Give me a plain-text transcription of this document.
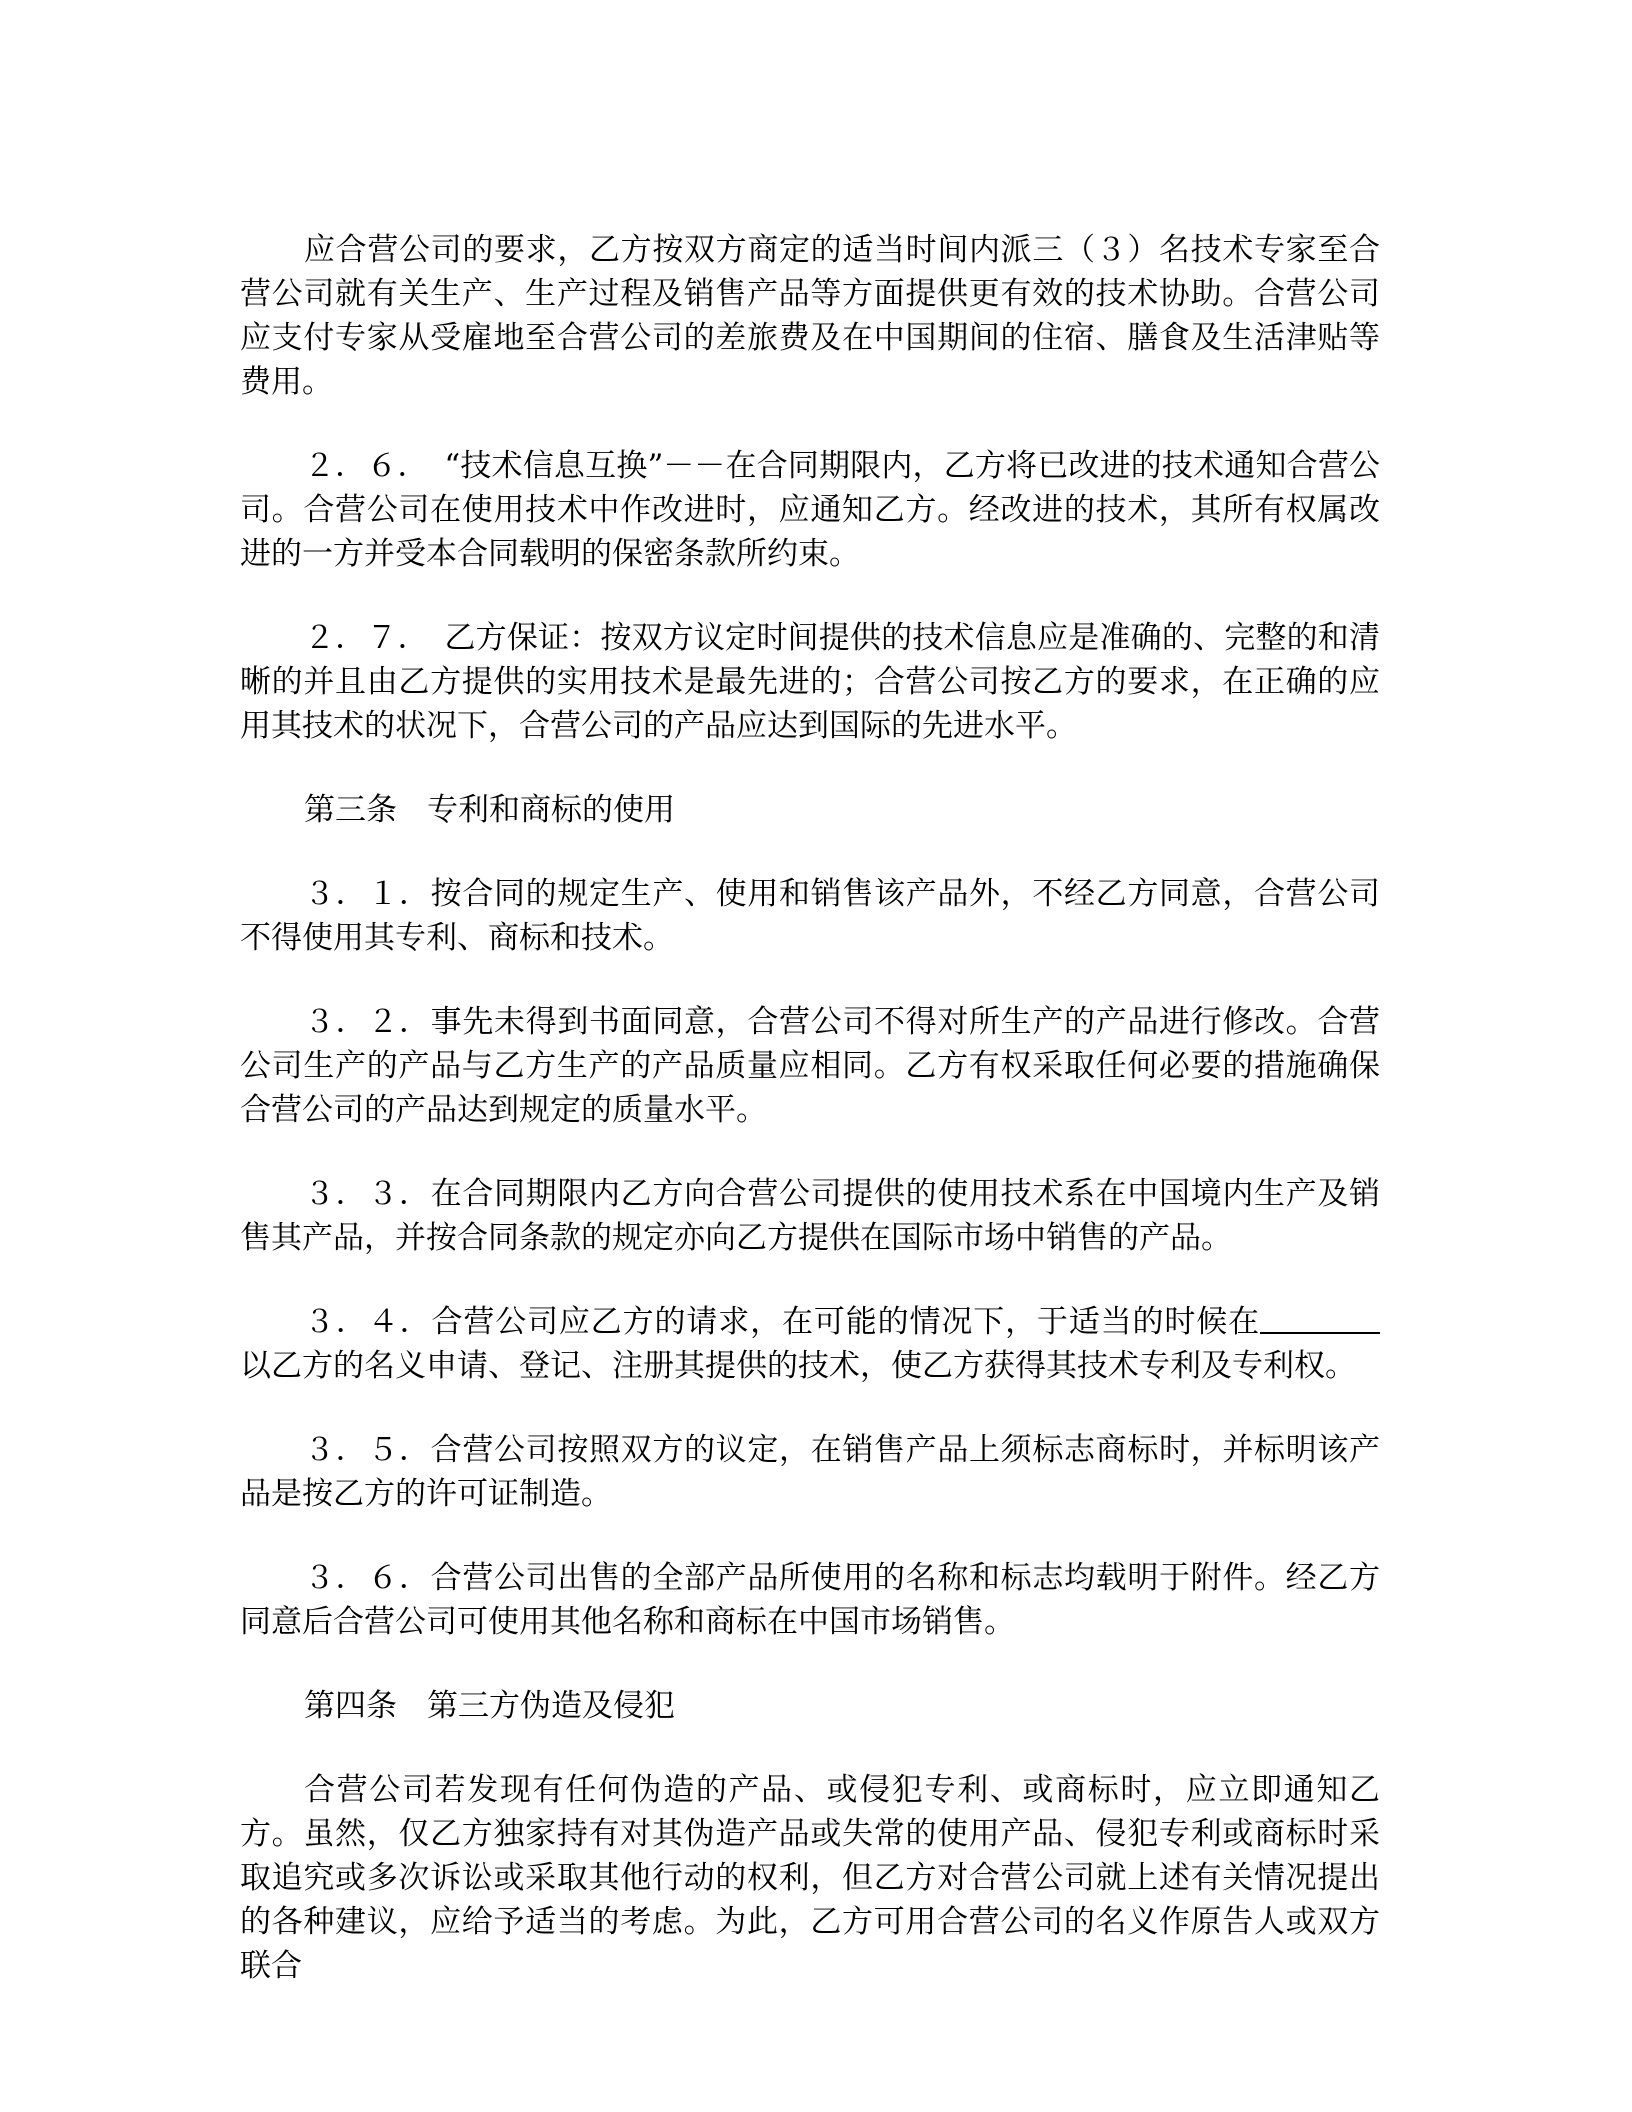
应合营公司的要求，乙方按双方商定的适当时间内派三（３）名技术专家至合营公司就有关生产、生产过程及销售产品等方面提供更有效的技术协助。合营公司应支付专家从受雇地至合营公司的差旅费及在中国期间的住宿、膳食及生活津贴等费用。

２．６．　“技术信息互换”－－在合同期限内，乙方将已改进的技术通知合营公司。合营公司在使用技术中作改进时，应通知乙方。经改进的技术，其所有权属改进的一方并受本合同载明的保密条款所约束。

２．７．　乙方保证：按双方议定时间提供的技术信息应是准确的、完整的和清晰的并且由乙方提供的实用技术是最先进的；合营公司按乙方的要求，在正确的应用其技术的状况下，合营公司的产品应达到国际的先进水平。

第三条 专利和商标的使用

３．１．按合同的规定生产、使用和销售该产品外，不经乙方同意，合营公司不得使用其专利、商标和技术。

３．２．事先未得到书面同意，合营公司不得对所生产的产品进行修改。合营公司生产的产品与乙方生产的产品质量应相同。乙方有权采取任何必要的措施确保合营公司的产品达到规定的质量水平。

３．３．在合同期限内乙方向合营公司提供的使用技术系在中国境内生产及销售其产品，并按合同条款的规定亦向乙方提供在国际市场中销售的产品。

３．４．合营公司应乙方的请求，在可能的情况下，于适当的时候在以乙方的名义申请、登记、注册其提供的技术，使乙方获得其技术专利及专利权。

３．５．合营公司按照双方的议定，在销售产品上须标志商标时，并标明该产品是按乙方的许可证制造。

３．６．合营公司出售的全部产品所使用的名称和标志均载明于附件。经乙方同意后合营公司可使用其他名称和商标在中国市场销售。

第四条 第三方伪造及侵犯

合营公司若发现有任何伪造的产品、或侵犯专利、或商标时，应立即通知乙方。虽然，仅乙方独家持有对其伪造产品或失常的使用产品、侵犯专利或商标时采取追究或多次诉讼或采取其他行动的权利，但乙方对合营公司就上述有关情况提出的各种建议，应给予适当的考虑。为此，乙方可用合营公司的名义作原告人或双方联合
